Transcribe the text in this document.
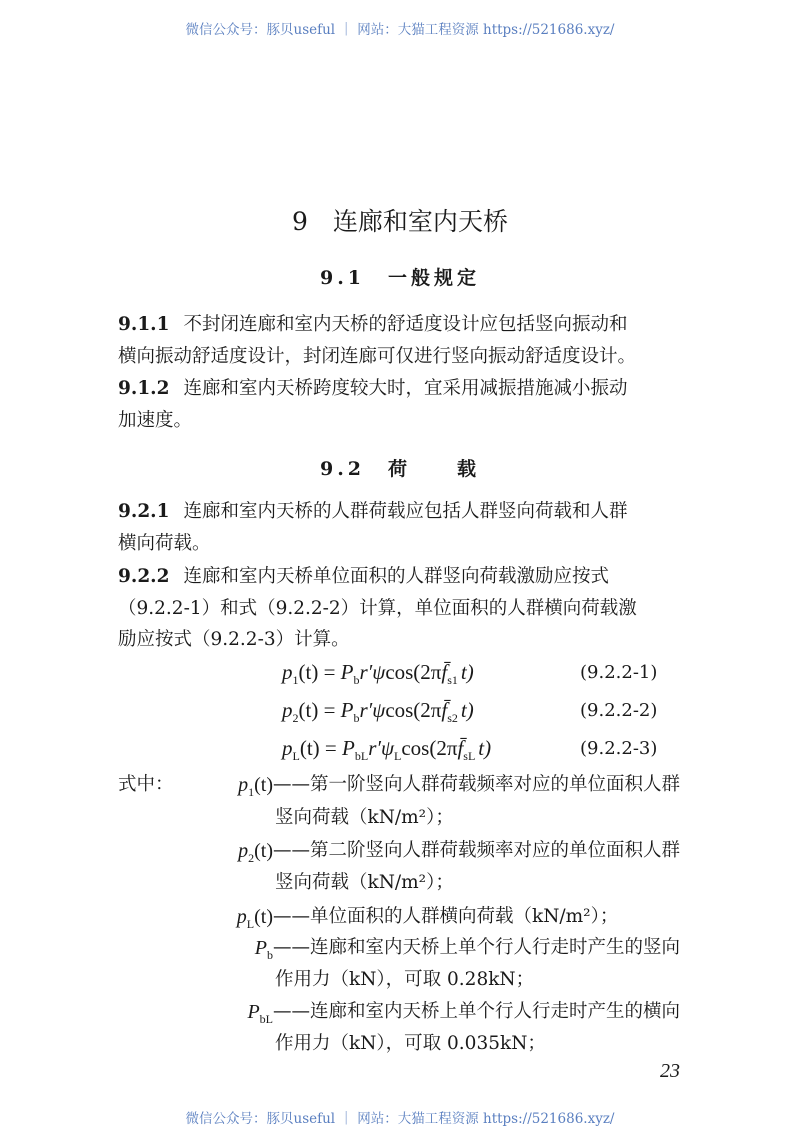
微信公众号：豚贝useful ｜ 网站：大猫工程资源 https://521686.xyz/
9　连廊和室内天桥
9.1　一般规定
9.2　荷　　载
9.1.1 不封闭连廊和室内天桥的舒适度设计应包括竖向振动和
横向振动舒适度设计，封闭连廊可仅进行竖向振动舒适度设计。
9.1.2 连廊和室内天桥跨度较大时，宜采用减振措施减小振动
加速度。
9.2.1 连廊和室内天桥的人群荷载应包括人群竖向荷载和人群
横向荷载。
9.2.2 连廊和室内天桥单位面积的人群竖向荷载激励应按式
（9.2.2-1）和式（9.2.2-2）计算，单位面积的人群横向荷载激
励应按式（9.2.2-3）计算。
$p_1(t)$ = $P_br'\psi\cos(2\pi f̄_{s1}$ t)	(9.2.2-1)
$p_2(t)$ = $P_br'\psi\cos(2\pi f̄_{s2}$ t)	(9.2.2-2)
$p_L(t)$ = $P_{bL}r'\psi_L\cos(2\pi f̄_{sL}$ t)	(9.2.2-3)
式中：	$p_1(t)$ ——第一阶竖向人群荷载频率对应的单位面积人群
竖向荷载（kN/m²）；
$p_2(t)$ ——第二阶竖向人群荷载频率对应的单位面积人群
竖向荷载（kN/m²）；
$p_L(t)$ ——单位面积的人群横向荷载（kN/m²）；
$P_b$ ——连廊和室内天桥上单个行人行走时产生的竖向
作用力（kN），可取 0.28kN；
$P_{bL}$ ——连廊和室内天桥上单个行人行走时产生的横向
作用力（kN），可取 0.035kN；
23
微信公众号：豚贝useful ｜ 网站：大猫工程资源 https://521686.xyz/
